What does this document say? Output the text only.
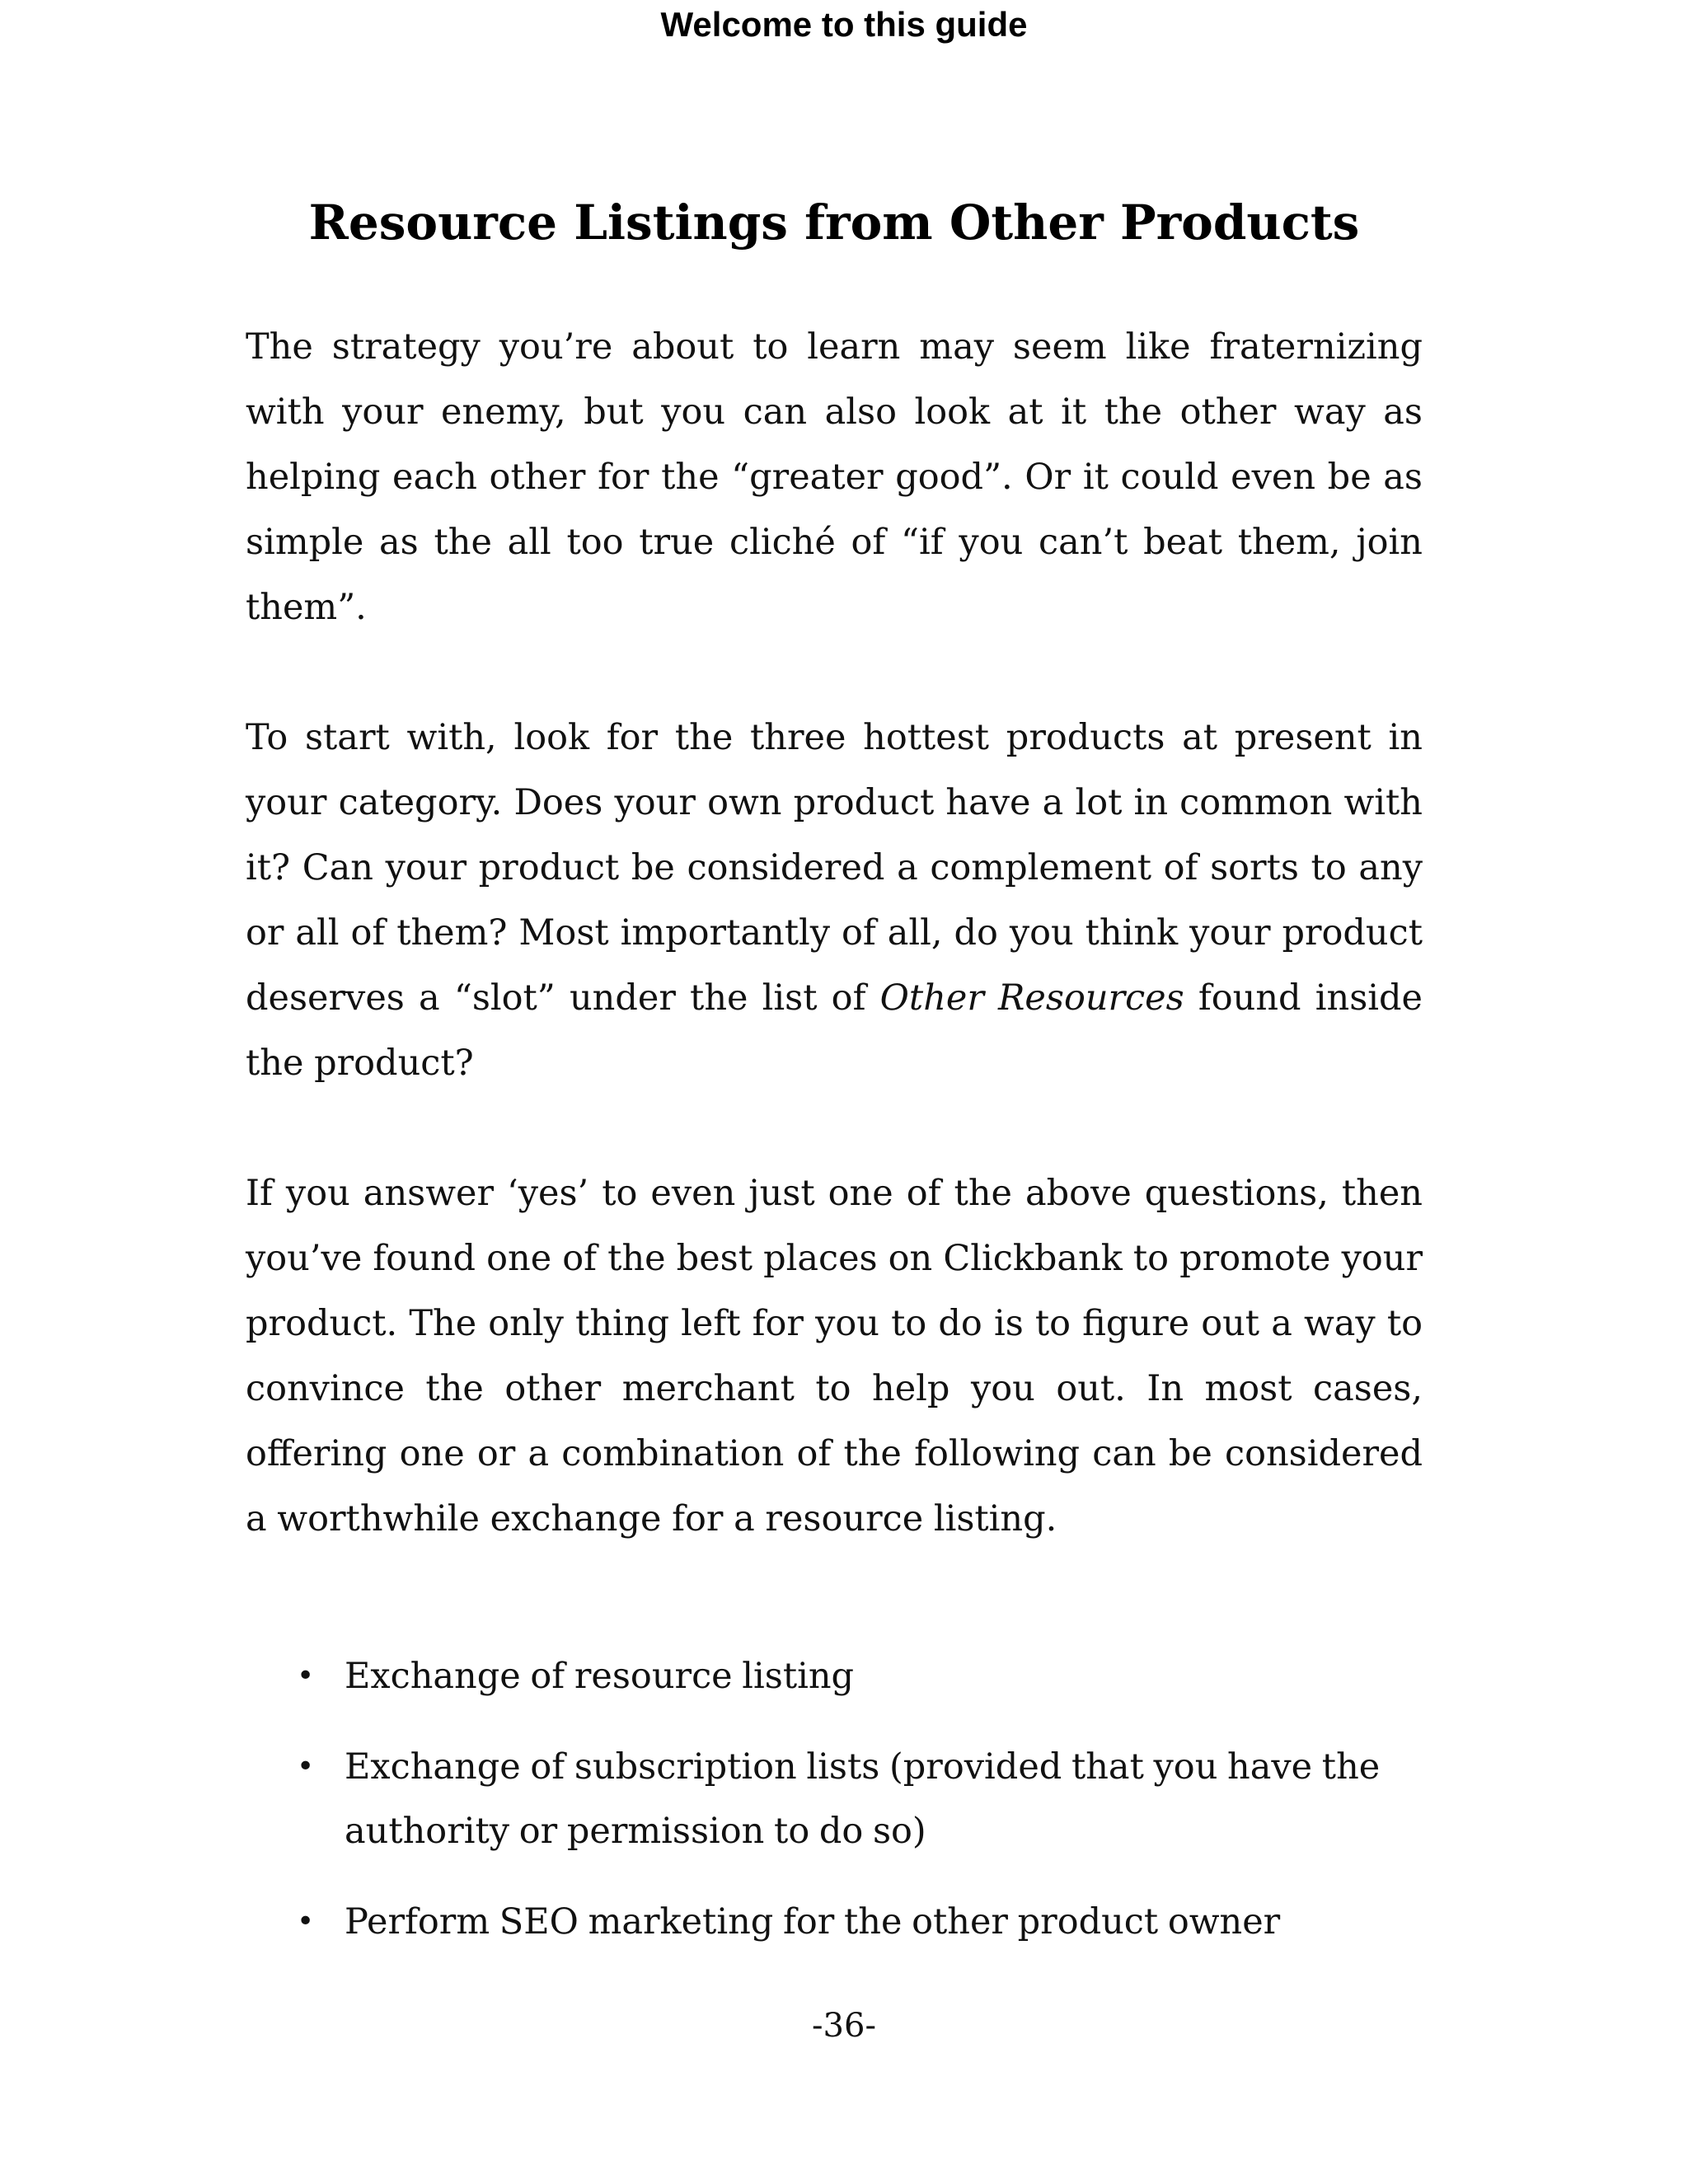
Welcome to this guide
Resource Listings from Other Products

The strategy you’re about to learn may seem like fraternizing with your enemy, but you can also look at it the other way as helping each other for the “greater good”. Or it could even be as simple as the all too true cliché of “if you can’t beat them, join them”.

To start with, look for the three hottest products at present in your category. Does your own product have a lot in common with it? Can your product be considered a complement of sorts to any or all of them? Most importantly of all, do you think your product deserves a “slot” under the list of Other Resources found inside the product?

If you answer ‘yes’ to even just one of the above questions, then you’ve found one of the best places on Clickbank to promote your product. The only thing left for you to do is to figure out a way to convince the other merchant to help you out. In most cases, offering one or a combination of the following can be considered a worthwhile exchange for a resource listing.

• Exchange of resource listing
• Exchange of subscription lists (provided that you have the authority or permission to do so)
• Perform SEO marketing for the other product owner
-36-
